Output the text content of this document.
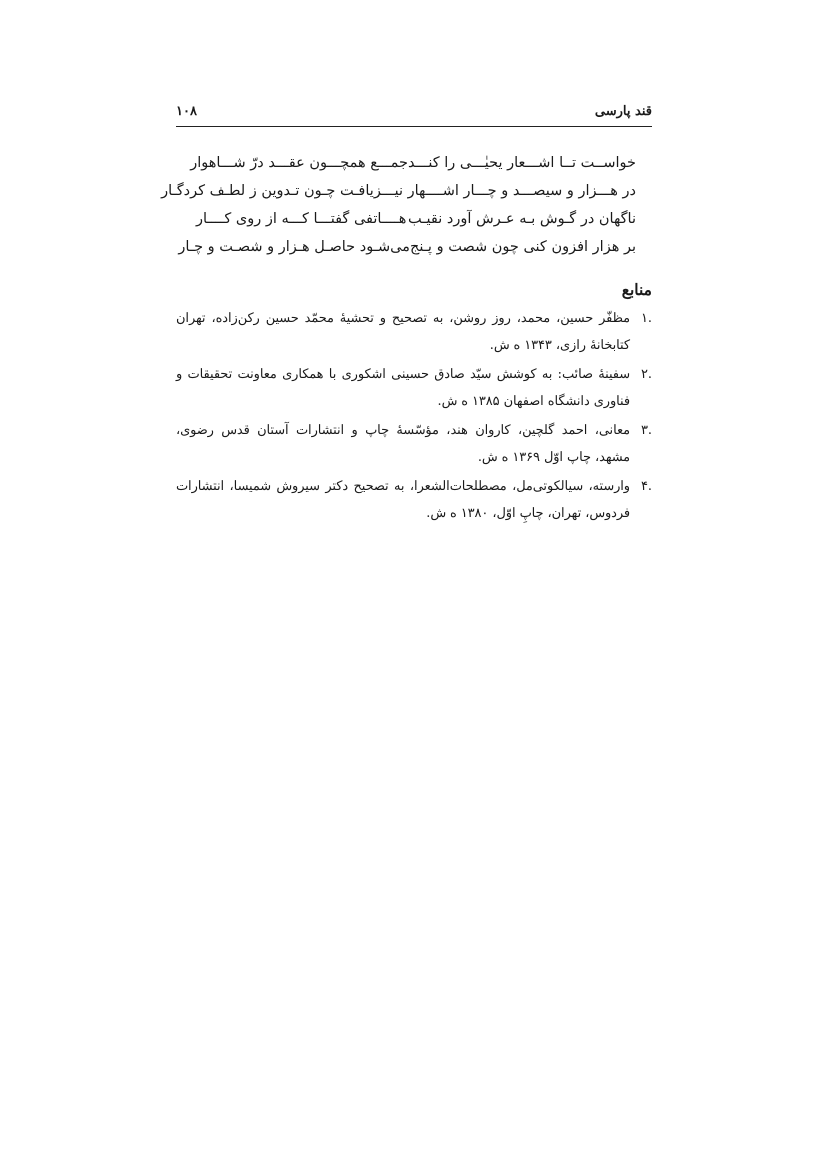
۱۰۸	قند پارسی
خواســت تــا اشـــعار یحیٰـــی را کنـــد
جمـــع همچـــون عقـــد درّ شـــاهوار
در هـــزار و سیصـــد و چـــار اشــــهار نیـــز
یافـت چـون تـدوین ز لطـف کردگـار
ناگهان در گـوش بـه عـرش آورد نقیـب
هــــاتفی گفتـــا كـــه از روی کــــار
بر هزار افزون کنی چون شصت و پـنج
می‌شـود حاصـل هـزار و شصـت و چـار
منابع
.۱
مظفّر حسین، محمد، روز روشن، به تصحیح و تحشیهٔ محمّد حسین رکن‌زاده، تهران کتابخانهٔ رازی، ۱۳۴۳ ه ش.
.۲
سفینهٔ صائب: به کوشش سیّد صادق حسینی اشکوری با همکاری معاونت تحقیقات و فناوری دانشگاه اصفهان ۱۳۸۵ ه ش.
.۳
معانی، احمد گلچین، کاروان هند، مؤسّسهٔ چاپ و انتشارات آستان قدس رضوی، مشهد، چاپ اوّل ۱۳۶۹ ه ش.
.۴
وارسته، سیالکوتی‌مل، مصطلحات‌الشعرا، به تصحیح دکتر سیروش شمیسا، انتشارات فردوس، تهران، چاپِ اوّل، ۱۳۸۰ ه ش.
